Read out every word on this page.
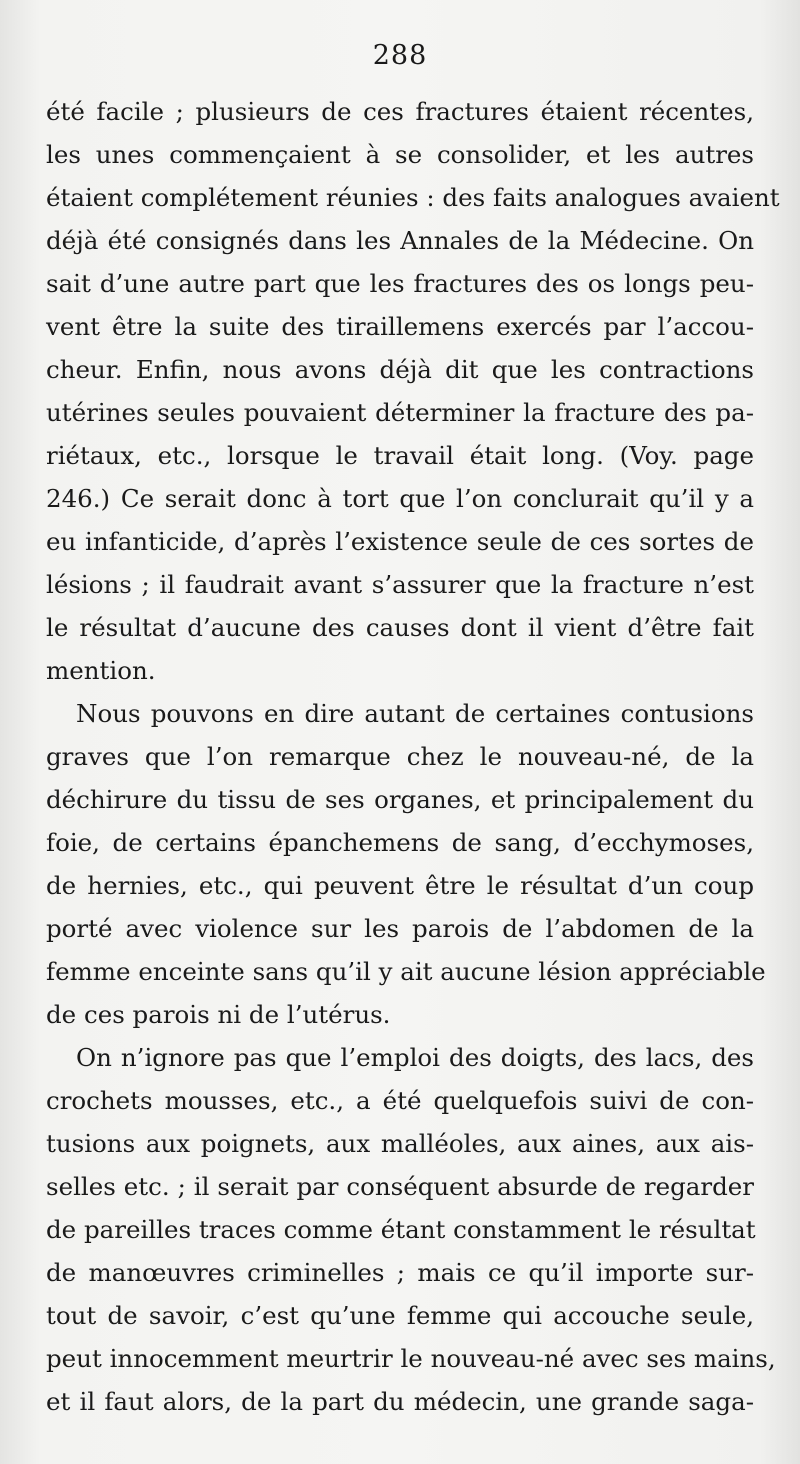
288
été facile ; plusieurs de ces fractures étaient récentes,
les unes commençaient à se consolider, et les autres
étaient complétement réunies : des faits analogues avaient
déjà été consignés dans les Annales de la Médecine. On
sait d’une autre part que les fractures des os longs peu-
vent être la suite des tiraillemens exercés par l’accou-
cheur. Enfin, nous avons déjà dit que les contractions
utérines seules pouvaient déterminer la fracture des pa-
riétaux, etc., lorsque le travail était long. (Voy. page
246.) Ce serait donc à tort que l’on conclurait qu’il y a
eu infanticide, d’après l’existence seule de ces sortes de
lésions ; il faudrait avant s’assurer que la fracture n’est
le résultat d’aucune des causes dont il vient d’être fait
mention.
Nous pouvons en dire autant de certaines contusions
graves que l’on remarque chez le nouveau-né, de la
déchirure du tissu de ses organes, et principalement du
foie, de certains épanchemens de sang, d’ecchymoses,
de hernies, etc., qui peuvent être le résultat d’un coup
porté avec violence sur les parois de l’abdomen de la
femme enceinte sans qu’il y ait aucune lésion appréciable
de ces parois ni de l’utérus.
On n’ignore pas que l’emploi des doigts, des lacs, des
crochets mousses, etc., a été quelquefois suivi de con-
tusions aux poignets, aux malléoles, aux aines, aux ais-
selles etc. ; il serait par conséquent absurde de regarder
de pareilles traces comme étant constamment le résultat
de manœuvres criminelles ; mais ce qu’il importe sur-
tout de savoir, c’est qu’une femme qui accouche seule,
peut innocemment meurtrir le nouveau-né avec ses mains,
et il faut alors, de la part du médecin, une grande saga-
